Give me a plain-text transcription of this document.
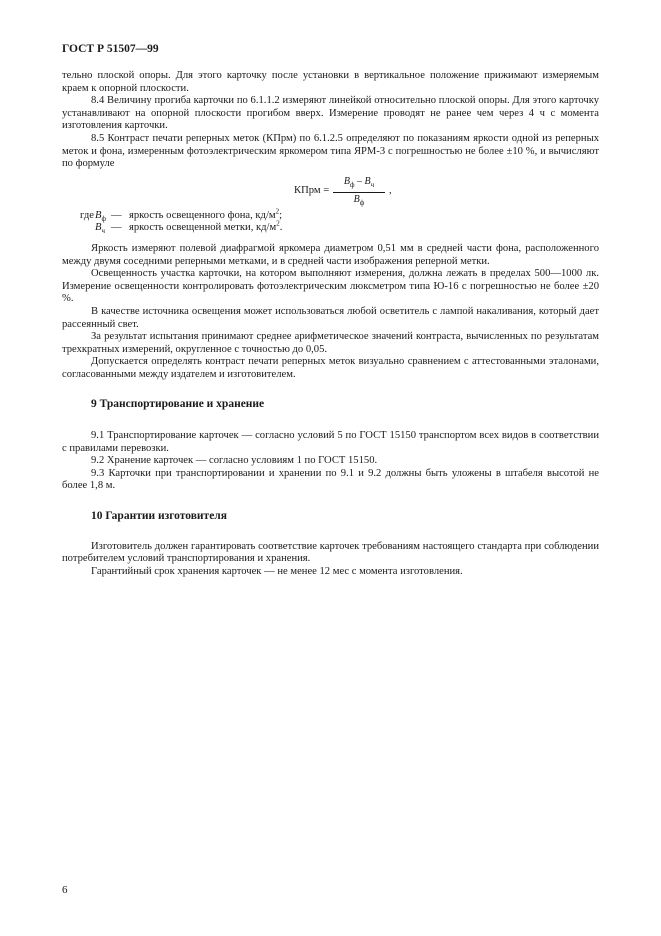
ГОСТ Р 51507—99

тельно плоской опоры. Для этого карточку после установки в вертикальное положение прижимают измеряемым краем к опорной плоскости.

8.4 Величину прогиба карточки по 6.1.1.2 измеряют линейкой относительно плоской опоры. Для этого карточку устанавливают на опорной плоскости прогибом вверх. Измерение проводят не ранее чем через 4 ч с момента изготовления карточки.

8.5 Контраст печати реперных меток (КПрм) по 6.1.2.5 определяют по показаниям яркости одной из реперных меток и фона, измеренным фотоэлектрическим яркомером типа ЯРМ-3 с погрешностью не более ±10 %, и вычисляют по формуле

КПрм =
$B_ф - B_ч$
$B_ф$
,
где $B_ф$ — яркость освещенного фона, $кд/м^2$;
$B_ч$ — яркость освещенной метки, $кд/м^2$.

Яркость измеряют полевой диафрагмой яркомера диаметром 0,51 мм в средней части фона, расположенного между двумя соседними реперными метками, и в средней части изображения реперной метки.

Освещенность участка карточки, на котором выполняют измерения, должна лежать в пределах 500—1000 лк. Измерение освещенности контролировать фотоэлектрическим люксметром типа Ю-16 с погрешностью не более ±20 %.

В качестве источника освещения может использоваться любой осветитель с лампой накаливания, который дает рассеянный свет.

За результат испытания принимают среднее арифметическое значений контраста, вычисленных по результатам трехкратных измерений, округленное с точностью до 0,05.

Допускается определять контраст печати реперных меток визуально сравнением с аттестованными эталонами, согласованными между издателем и изготовителем.

9 Транспортирование и хранение

9.1 Транспортирование карточек — согласно условий 5 по ГОСТ 15150 транспортом всех видов в соответствии с правилами перевозки.

9.2 Хранение карточек — согласно условиям 1 по ГОСТ 15150.

9.3 Карточки при транспортировании и хранении по 9.1 и 9.2 должны быть уложены в штабеля высотой не более 1,8 м.

10 Гарантии изготовителя

Изготовитель должен гарантировать соответствие карточек требованиям настоящего стандарта при соблюдении потребителем условий транспортирования и хранения.

Гарантийный срок хранения карточек — не менее 12 мес с момента изготовления.

6
